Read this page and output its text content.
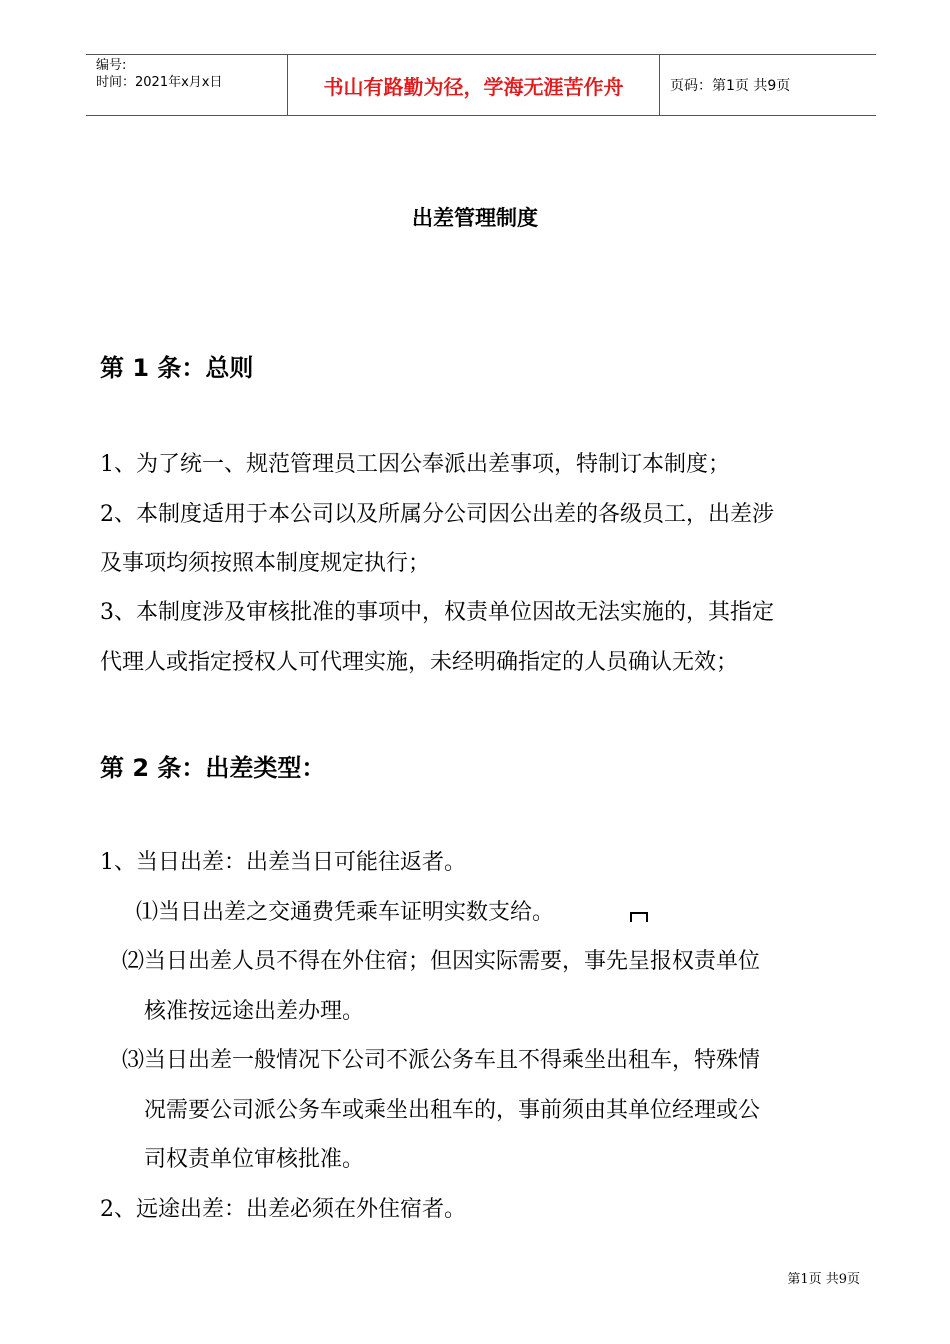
编号:
时间：2021年x月x日	书山有路勤为径，学海无涯苦作舟	页码：第1页 共9页
出差管理制度
第 1 条：总则
1、为了统一、规范管理员工因公奉派出差事项，特制订本制度；
2、本制度适用于本公司以及所属分公司因公出差的各级员工，出差涉
及事项均须按照本制度规定执行；
3、本制度涉及审核批准的事项中，权责单位因故无法实施的，其指定
代理人或指定授权人可代理实施，未经明确指定的人员确认无效；
第 2 条：出差类型：
1、当日出差：出差当日可能往返者。
⑴当日出差之交通费凭乘车证明实数支给。
⑵当日出差人员不得在外住宿；但因实际需要，事先呈报权责单位
核准按远途出差办理。
⑶当日出差一般情况下公司不派公务车且不得乘坐出租车，特殊情
况需要公司派公务车或乘坐出租车的，事前须由其单位经理或公
司权责单位审核批准。
2、远途出差：出差必须在外住宿者。
第1页 共9页
